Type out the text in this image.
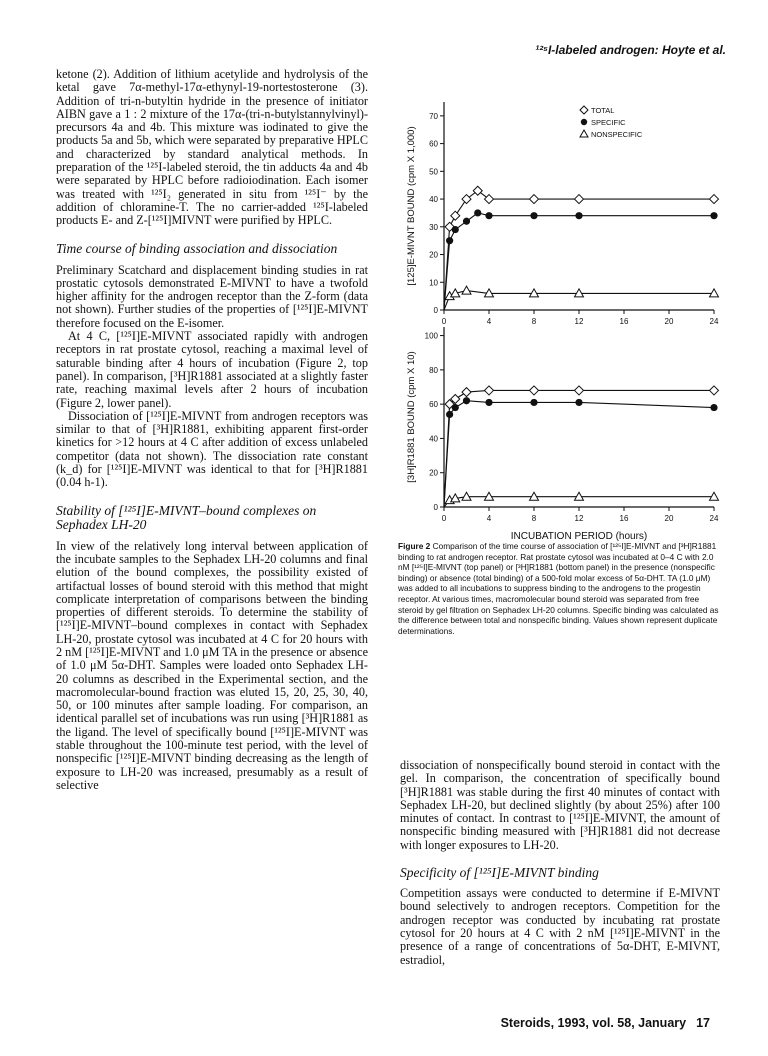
¹²⁵I-labeled androgen: Hoyte et al.

ketone (2). Addition of lithium acetylide and hydrolysis of the ketal gave 7α-methyl-17α-ethynyl-19-nortestosterone (3). Addition of tri-n-butyltin hydride in the presence of initiator AIBN gave a 1 : 2 mixture of the 17α-(tri-n-butylstannylvinyl)-precursors 4a and 4b. This mixture was iodinated to give the products 5a and 5b, which were separated by preparative HPLC and characterized by standard analytical methods. In preparation of the ¹²⁵I-labeled steroid, the tin adducts 4a and 4b were separated by HPLC before radioiodination. Each isomer was treated with ¹²⁵I₂ generated in situ from ¹²⁵I⁻ by the addition of chloramine-T. The no carrier-added ¹²⁵I-labeled products E- and Z-[¹²⁵I]MIVNT were purified by HPLC.

Time course of binding association and dissociation

Preliminary Scatchard and displacement binding studies in rat prostatic cytosols demonstrated E-MIVNT to have a twofold higher affinity for the androgen receptor than the Z-form (data not shown). Further studies of the properties of [¹²⁵I]E-MIVNT therefore focused on the E-isomer.

At 4 C, [¹²⁵I]E-MIVNT associated rapidly with androgen receptors in rat prostate cytosol, reaching a maximal level of saturable binding after 4 hours of incubation (Figure 2, top panel). In comparison, [³H]R1881 associated at a slightly faster rate, reaching maximal levels after 2 hours of incubation (Figure 2, lower panel).

Dissociation of [¹²⁵I]E-MIVNT from androgen receptors was similar to that of [³H]R1881, exhibiting apparent first-order kinetics for >12 hours at 4 C after addition of excess unlabeled competitor (data not shown). The dissociation rate constant (k_d) for [¹²⁵I]E-MIVNT was identical to that for [³H]R1881 (0.04 h-1).

Stability of [¹²⁵I]E-MIVNT–bound complexes on Sephadex LH-20

In view of the relatively long interval between application of the incubate samples to the Sephadex LH-20 columns and final elution of the bound complexes, the possibility existed of artifactual losses of bound steroid with this method that might complicate interpretation of comparisons between the binding properties of different steroids. To determine the stability of [¹²⁵I]E-MIVNT–bound complexes in contact with Sephadex LH-20, prostate cytosol was incubated at 4 C for 20 hours with 2 nM [¹²⁵I]E-MIVNT and 1.0 μM TA in the presence or absence of 1.0 μM 5α-DHT. Samples were loaded onto Sephadex LH-20 columns as described in the Experimental section, and the macromolecular-bound fraction was eluted 15, 20, 25, 30, 40, 50, or 100 minutes after sample loading. For comparison, an identical parallel set of incubations was run using [³H]R1881 as the ligand. The level of specifically bound [¹²⁵I]E-MIVNT was stable throughout the 100-minute test period, with the level of nonspecific [¹²⁵I]E-MIVNT binding decreasing as the length of exposure to LH-20 was increased, presumably as a result of selective

0
10
20
30
40
50
60
70
0	4	8	12	16	20	24
[125]E-MIVNT BOUND (cpm X 1,000)
TOTAL
SPECIFIC
NONSPECIFIC
0
20
40
60
80
100
0	4	8	12	16	20	24
[3H]R1881 BOUND (cpm X 10)
INCUBATION PERIOD (hours)
Figure 2 Comparison of the time course of association of [¹²⁵I]E-MIVNT and [³H]R1881 binding to rat androgen receptor. Rat prostate cytosol was incubated at 0–4 C with 2.0 nM [¹²⁵I]E-MIVNT (top panel) or [³H]R1881 (bottom panel) in the presence (nonspecific binding) or absence (total binding) of a 500-fold molar excess of 5α-DHT. TA (1.0 μM) was added to all incubations to suppress binding to the androgens to the progestin receptor. At various times, macromolecular bound steroid was separated from free steroid by gel filtration on Sephadex LH-20 columns. Specific binding was calculated as the difference between total and nonspecific binding. Values shown represent duplicate determinations.

dissociation of nonspecifically bound steroid in contact with the gel. In comparison, the concentration of specifically bound [³H]R1881 was stable during the first 40 minutes of contact with Sephadex LH-20, but declined slightly (by about 25%) after 100 minutes of contact. In contrast to [¹²⁵I]E-MIVNT, the amount of nonspecific binding measured with [³H]R1881 did not decrease with longer exposures to LH-20.

Specificity of [¹²⁵I]E-MIVNT binding

Competition assays were conducted to determine if E-MIVNT bound selectively to androgen receptors. Competition for the androgen receptor was conducted by incubating rat prostate cytosol for 20 hours at 4 C with 2 nM [¹²⁵I]E-MIVNT in the presence of a range of concentrations of 5α-DHT, E-MIVNT, estradiol,

Steroids, 1993, vol. 58, January 17
